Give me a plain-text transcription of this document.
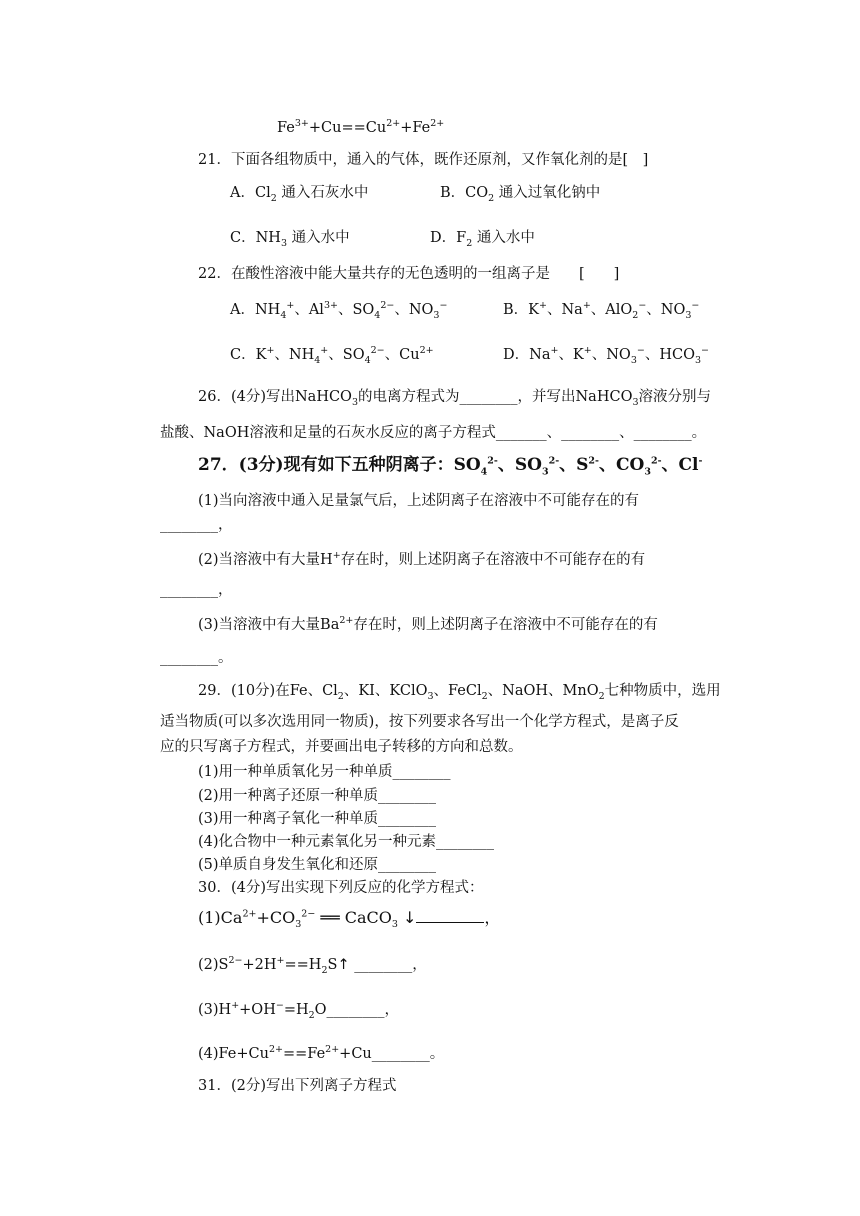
$Fe^{3+}+Cu==Cu^{2+}+Fe^{2+}$
21．下面各组物质中，通入的气体，既作还原剂，又作氧化剂的是[　]
A．$Cl_2$ 通入石灰水中	B．$CO_2$ 通入过氧化钠中
C．$NH_3$ 通入水中	D．$F_2$ 通入水中
22．在酸性溶液中能大量共存的无色透明的一组离子是　　[　　]
A．$NH_4^+$、$Al^{3+}$、$SO_4^{2-}$、$NO_3^-$	B．K+、Na+、AlO$_2$−、$NO_3^-$
C．K+、$NH_4^+$、$SO_4^{2-}$、$Cu^{2+}$	D．Na+、K+、$NO_3^-$、$HCO_3^-$
26．(4分)写出NaHCO$_3$的电离方程式为________，并写出NaHCO$_3$溶液分别与
盐酸、NaOH溶液和足量的石灰水反应的离子方程式_______、________、________。
27．(3分)现有如下五种阴离子：$SO_4^{2-}$、$SO_3^{2-}$、$S^{2-}$、$CO_3^{2-}$、Cl-
(1)当向溶液中通入足量氯气后，上述阴离子在溶液中不可能存在的有
________，
(2)当溶液中有大量H+存在时，则上述阴离子在溶液中不可能存在的有
________，
(3)当溶液中有大量$Ba^{2+}$存在时，则上述阴离子在溶液中不可能存在的有
________。
29．(10分)在Fe、$Cl_2$、KI、KClO$_3$、FeCl$_2$、NaOH、MnO$_2$七种物质中，选用
适当物质(可以多次选用同一物质)，按下列要求各写出一个化学方程式，是离子反
应的只写离子方程式，并要画出电子转移的方向和总数。
(1)用一种单质氧化另一种单质________
(2)用一种离子还原一种单质________
(3)用一种离子氧化一种单质________
(4)化合物中一种元素氧化另一种元素________
(5)单质自身发生氧化和还原________
30．(4分)写出实现下列反应的化学方程式：
$(1)Ca^{2+}+CO_3^{2-}$ ══ CaCO$_3$ ↓	，
$(2)S^{2-}+2H^+==H_2S↑$ ________，
$(3)H^++OH^-=H_2O\_\_\_\_\_\_\_\_$，
$(4)Fe+Cu^{2+}==Fe^{2+}+Cu\_\_\_\_\_\_\_\_$。
31．(2分)写出下列离子方程式
